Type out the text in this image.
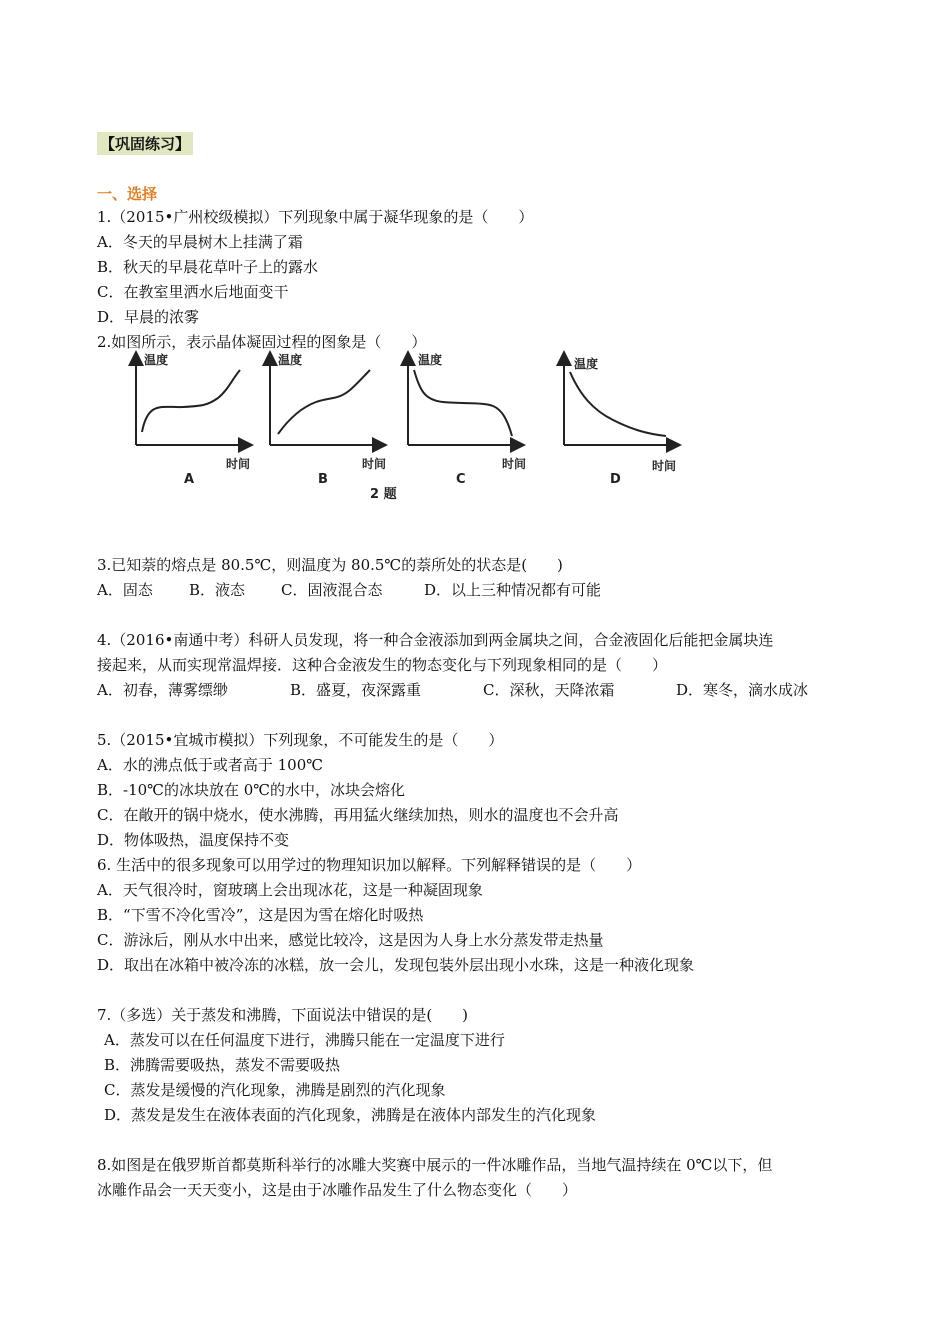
【巩固练习】
一、选择
1.（2015•广州校级模拟）下列现象中属于凝华现象的是（　　）
A．冬天的早晨树木上挂满了霜
B．秋天的早晨花草叶子上的露水
C．在教室里洒水后地面变干
D．早晨的浓雾
2.如图所示，表示晶体凝固过程的图象是（　　）
温度
时间
A
温度
时间
B
温度
时间
C
温度
时间
D
2 题
3.已知萘的熔点是 80.5℃，则温度为 80.5℃的萘所处的状态是(　　)
A．固态 B．液态 C．固液混合态	D．以上三种情况都有可能
4.（2016•南通中考）科研人员发现，将一种合金液添加到两金属块之间，合金液固化后能把金属块连
接起来，从而实现常温焊接．这种合金液发生的物态变化与下列现象相同的是（　　）
A．初春，薄雾缥缈	B．盛夏，夜深露重	C．深秋，天降浓霜	D．寒冬，滴水成冰
5.（2015•宜城市模拟）下列现象，不可能发生的是（　　）
A．水的沸点低于或者高于 100℃
B．-10℃的冰块放在 0℃的水中，冰块会熔化
C．在敞开的锅中烧水，使水沸腾，再用猛火继续加热，则水的温度也不会升高
D．物体吸热，温度保持不变
6. 生活中的很多现象可以用学过的物理知识加以解释。下列解释错误的是（　　）
A．天气很冷时，窗玻璃上会出现冰花，这是一种凝固现象
B．“下雪不冷化雪冷”，这是因为雪在熔化时吸热
C．游泳后，刚从水中出来，感觉比较冷，这是因为人身上水分蒸发带走热量
D．取出在冰箱中被冷冻的冰糕，放一会儿，发现包装外层出现小水珠，这是一种液化现象
7.（多选）关于蒸发和沸腾，下面说法中错误的是(　　)
A．蒸发可以在任何温度下进行，沸腾只能在一定温度下进行
B．沸腾需要吸热，蒸发不需要吸热
C．蒸发是缓慢的汽化现象，沸腾是剧烈的汽化现象
D．蒸发是发生在液体表面的汽化现象，沸腾是在液体内部发生的汽化现象
8.如图是在俄罗斯首都莫斯科举行的冰雕大奖赛中展示的一件冰雕作品，当地气温持续在 0℃以下，但
冰雕作品会一天天变小，这是由于冰雕作品发生了什么物态变化（　　）
